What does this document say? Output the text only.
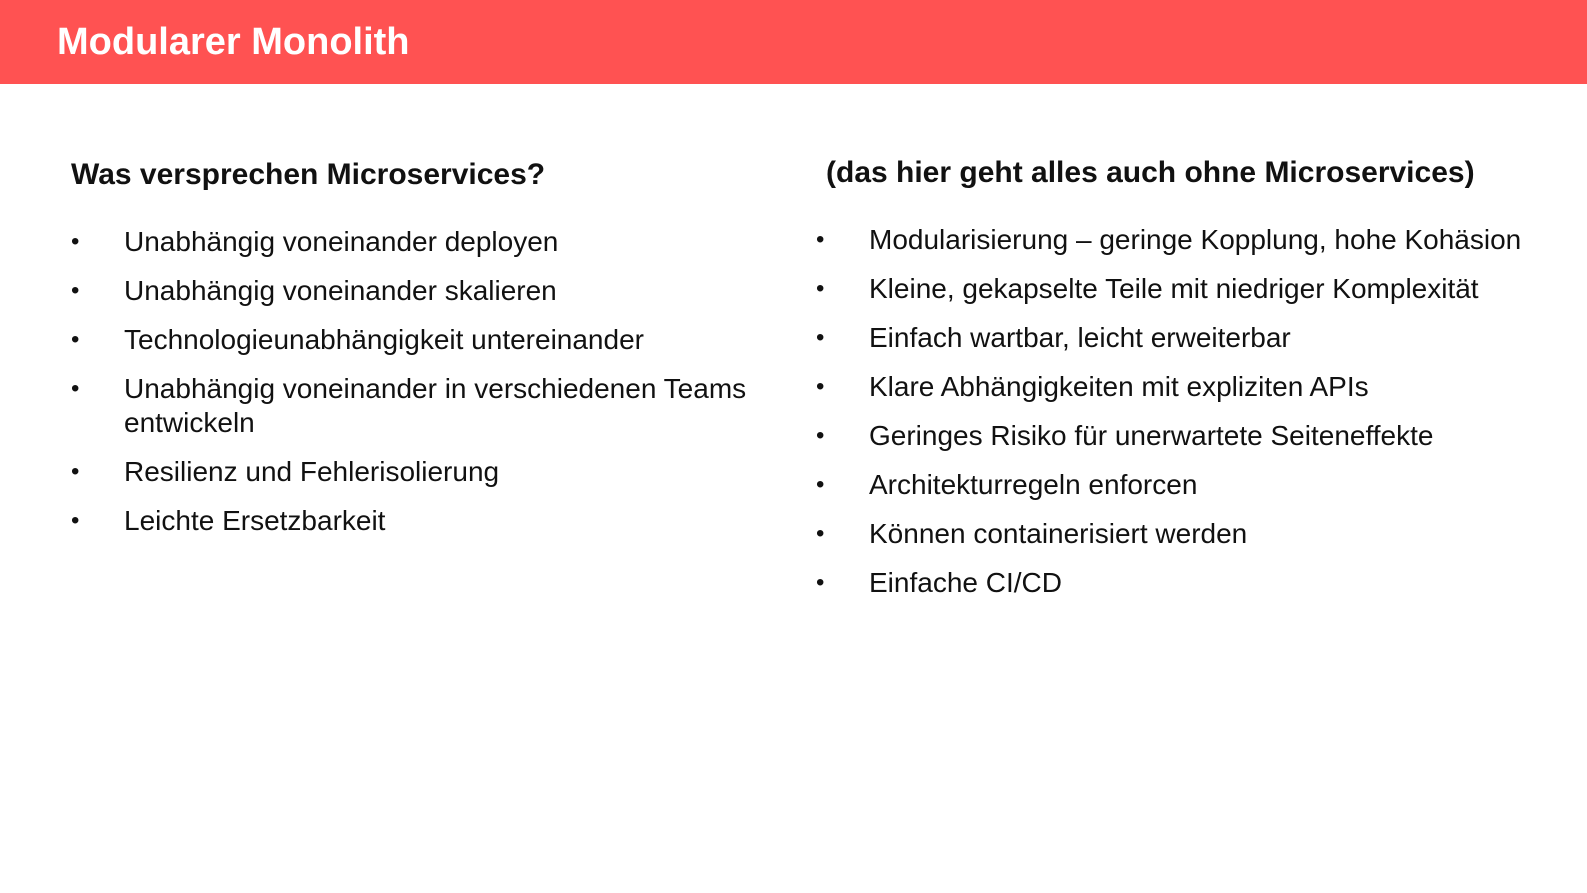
Modularer Monolith
Was versprechen Microservices?
•	Unabhängig voneinander deployen
•	Unabhängig voneinander skalieren
•	Technologieunabhängigkeit untereinander
•	Unabhängig voneinander in verschiedenen Teams entwickeln
•	Resilienz und Fehlerisolierung
•	Leichte Ersetzbarkeit
(das hier geht alles auch ohne Microservices)
•	Modularisierung – geringe Kopplung, hohe Kohäsion
•	Kleine, gekapselte Teile mit niedriger Komplexität
•	Einfach wartbar, leicht erweiterbar
•	Klare Abhängigkeiten mit expliziten APIs
•	Geringes Risiko für unerwartete Seiteneffekte
•	Architekturregeln enforcen
•	Können containerisiert werden
•	Einfache CI/CD
